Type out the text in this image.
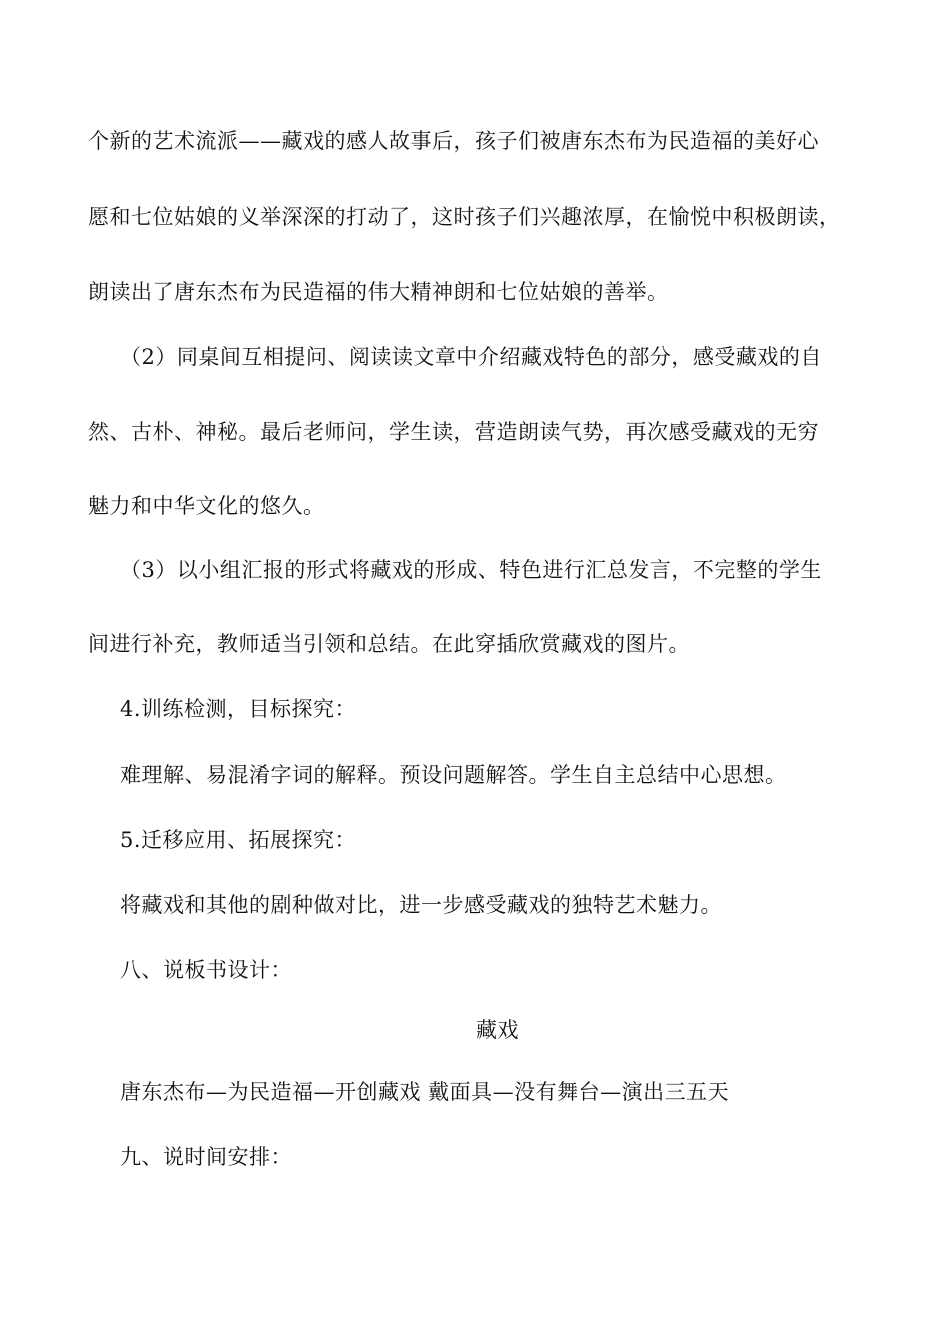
个新的艺术流派——藏戏的感人故事后，孩子们被唐东杰布为民造福的美好心
愿和七位姑娘的义举深深的打动了，这时孩子们兴趣浓厚，在愉悦中积极朗读，
朗读出了唐东杰布为民造福的伟大精神朗和七位姑娘的善举。
（2）同桌间互相提问、阅读读文章中介绍藏戏特色的部分，感受藏戏的自
然、古朴、神秘。最后老师问，学生读，营造朗读气势，再次感受藏戏的无穷
魅力和中华文化的悠久。
（3）以小组汇报的形式将藏戏的形成、特色进行汇总发言，不完整的学生
间进行补充，教师适当引领和总结。在此穿插欣赏藏戏的图片。
4.训练检测，目标探究：
难理解、易混淆字词的解释。预设问题解答。学生自主总结中心思想。
5.迁移应用、拓展探究：
将藏戏和其他的剧种做对比，进一步感受藏戏的独特艺术魅力。
八、说板书设计：
藏戏
唐东杰布—为民造福—开创藏戏 戴面具—没有舞台—演出三五天
九、说时间安排：
